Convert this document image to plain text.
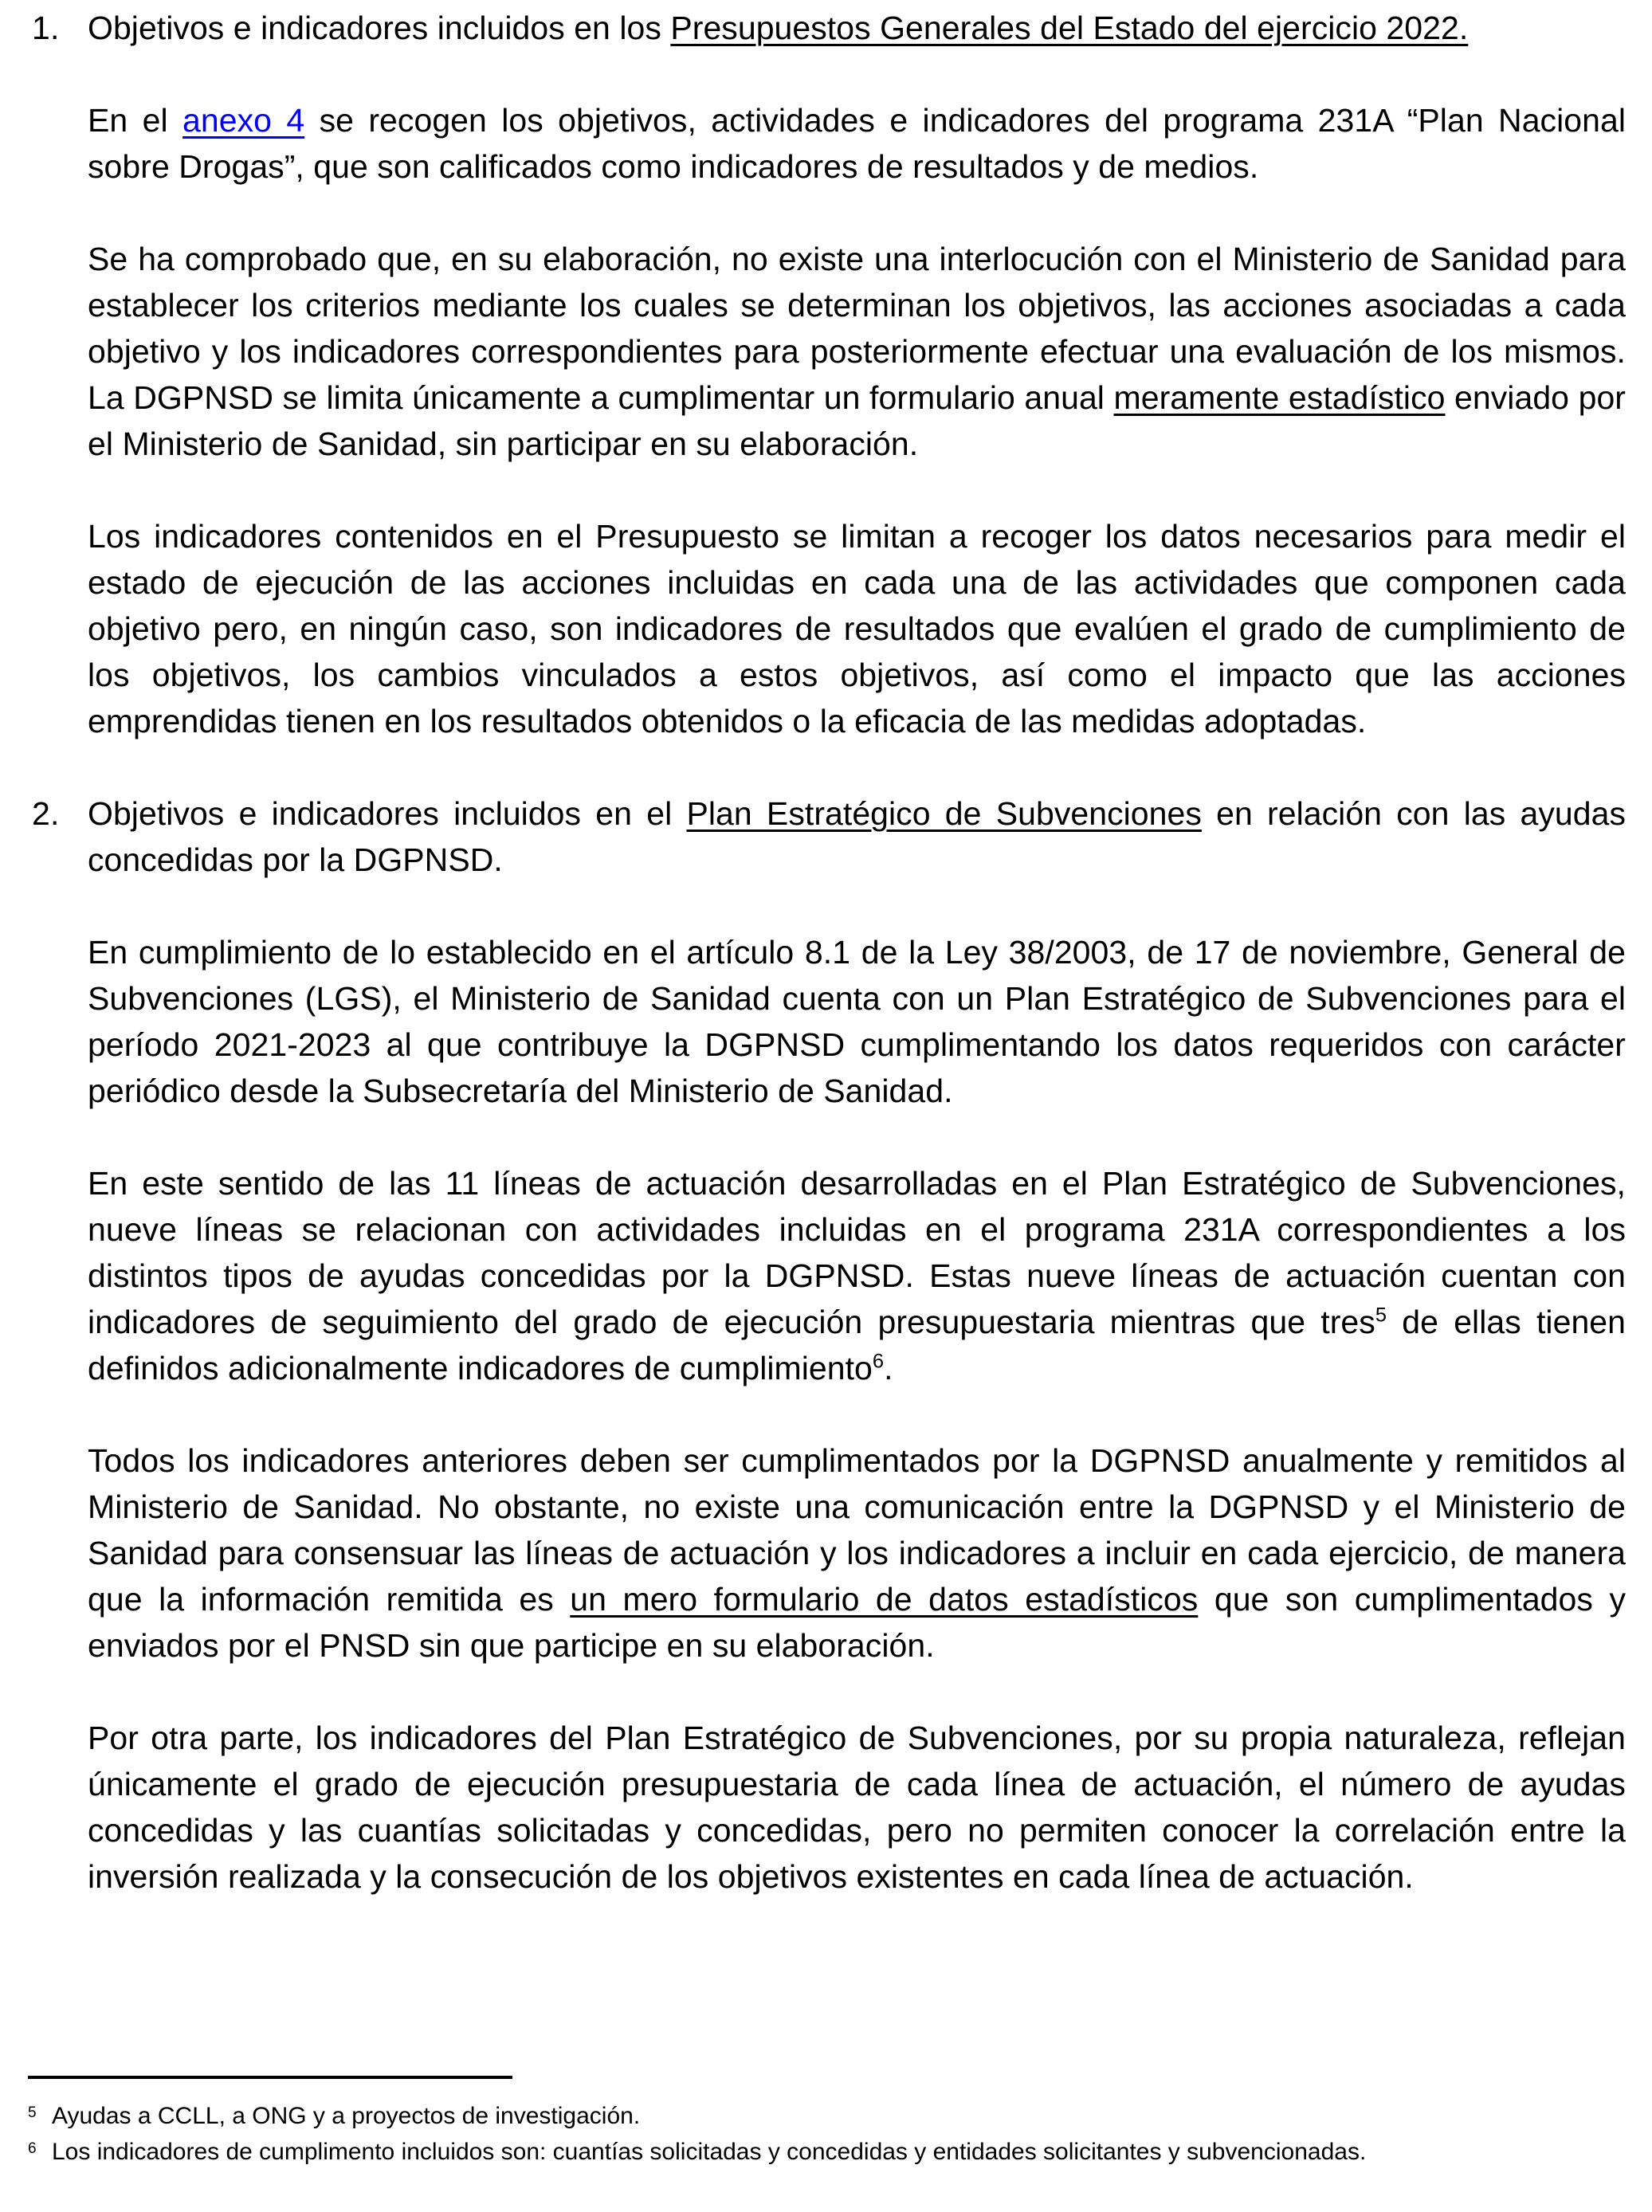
1. Objetivos e indicadores incluidos en los Presupuestos Generales del Estado del ejercicio 2022.

En el anexo 4 se recogen los objetivos, actividades e indicadores del programa 231A “Plan Nacional sobre Drogas”, que son calificados como indicadores de resultados y de medios.

Se ha comprobado que, en su elaboración, no existe una interlocución con el Ministerio de Sanidad para establecer los criterios mediante los cuales se determinan los objetivos, las acciones asociadas a cada objetivo y los indicadores correspondientes para posteriormente efectuar una evaluación de los mismos. La DGPNSD se limita únicamente a cumplimentar un formulario anual meramente estadístico enviado por el Ministerio de Sanidad, sin participar en su elaboración.

Los indicadores contenidos en el Presupuesto se limitan a recoger los datos necesarios para medir el estado de ejecución de las acciones incluidas en cada una de las actividades que componen cada objetivo pero, en ningún caso, son indicadores de resultados que evalúen el grado de cumplimiento de los objetivos, los cambios vinculados a estos objetivos, así como el impacto que las acciones emprendidas tienen en los resultados obtenidos o la eficacia de las medidas adoptadas.

2. Objetivos e indicadores incluidos en el Plan Estratégico de Subvenciones en relación con las ayudas concedidas por la DGPNSD.

En cumplimiento de lo establecido en el artículo 8.1 de la Ley 38/2003, de 17 de noviembre, General de Subvenciones (LGS), el Ministerio de Sanidad cuenta con un Plan Estratégico de Subvenciones para el período 2021-2023 al que contribuye la DGPNSD cumplimentando los datos requeridos con carácter periódico desde la Subsecretaría del Ministerio de Sanidad.

En este sentido de las 11 líneas de actuación desarrolladas en el Plan Estratégico de Subvenciones, nueve líneas se relacionan con actividades incluidas en el programa 231A correspondientes a los distintos tipos de ayudas concedidas por la DGPNSD. Estas nueve líneas de actuación cuentan con indicadores de seguimiento del grado de ejecución presupuestaria mientras que tres$^5$ de ellas tienen definidos adicionalmente indicadores de cumplimiento$^6$.

Todos los indicadores anteriores deben ser cumplimentados por la DGPNSD anualmente y remitidos al Ministerio de Sanidad. No obstante, no existe una comunicación entre la DGPNSD y el Ministerio de Sanidad para consensuar las líneas de actuación y los indicadores a incluir en cada ejercicio, de manera que la información remitida es un mero formulario de datos estadísticos que son cumplimentados y enviados por el PNSD sin que participe en su elaboración.

Por otra parte, los indicadores del Plan Estratégico de Subvenciones, por su propia naturaleza, reflejan únicamente el grado de ejecución presupuestaria de cada línea de actuación, el número de ayudas concedidas y las cuantías solicitadas y concedidas, pero no permiten conocer la correlación entre la inversión realizada y la consecución de los objetivos existentes en cada línea de actuación.

5 Ayudas a CCLL, a ONG y a proyectos de investigación.
6 Los indicadores de cumplimento incluidos son: cuantías solicitadas y concedidas y entidades solicitantes y subvencionadas.
